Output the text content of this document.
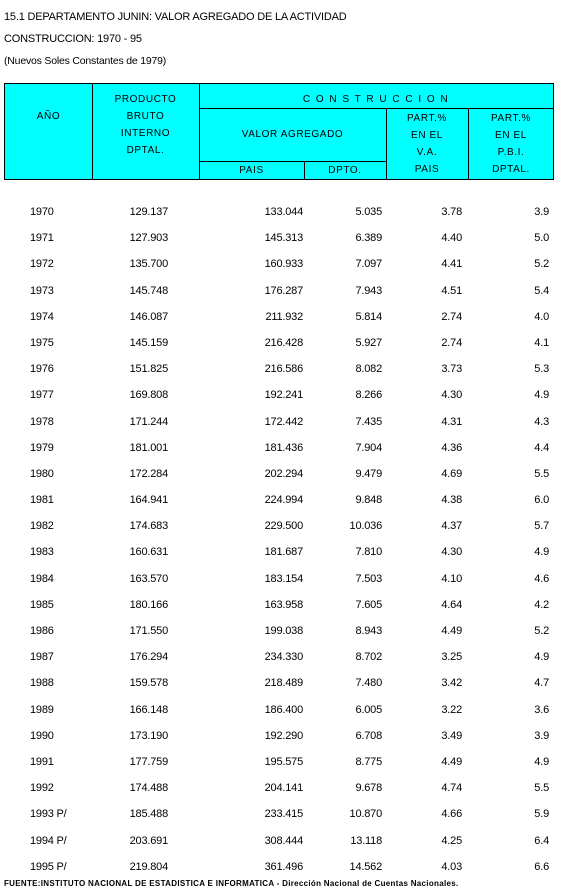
15.1 DEPARTAMENTO JUNIN: VALOR AGREGADO DE LA ACTIVIDAD
CONSTRUCCION: 1970 - 95
(Nuevos Soles Constantes de 1979)
AÑO
PRODUCTO
BRUTO
INTERNO
DPTAL.
C O N S T R U C C I O N
VALOR AGREGADO
PAIS	DPTO.
PART.%
EN EL
V.A.
PAIS
PART.%
EN EL
P.B.I.
DPTAL.
1970	129.137	133.044	5.035	3.78	3.9
1971	127.903	145.313	6.389	4.40	5.0
1972	135.700	160.933	7.097	4.41	5.2
1973	145.748	176.287	7.943	4.51	5.4
1974	146.087	211.932	5.814	2.74	4.0
1975	145.159	216.428	5.927	2.74	4.1
1976	151.825	216.586	8.082	3.73	5.3
1977	169.808	192.241	8.266	4.30	4.9
1978	171.244	172.442	7.435	4.31	4.3
1979	181.001	181.436	7.904	4.36	4.4
1980	172.284	202.294	9.479	4.69	5.5
1981	164.941	224.994	9.848	4.38	6.0
1982	174.683	229.500	10.036	4.37	5.7
1983	160.631	181.687	7.810	4.30	4.9
1984	163.570	183.154	7.503	4.10	4.6
1985	180.166	163.958	7.605	4.64	4.2
1986	171.550	199.038	8.943	4.49	5.2
1987	176.294	234.330	8.702	3.25	4.9
1988	159.578	218.489	7.480	3.42	4.7
1989	166.148	186.400	6.005	3.22	3.6
1990	173.190	192.290	6.708	3.49	3.9
1991	177.759	195.575	8.775	4.49	4.9
1992	174.488	204.141	9.678	4.74	5.5
1993 P/	185.488	233.415	10.870	4.66	5.9
1994 P/	203.691	308.444	13.118	4.25	6.4
1995 P/	219.804	361.496	14.562	4.03	6.6
FUENTE:INSTITUTO NACIONAL DE ESTADISTICA E INFORMATICA - Dirección Nacional de Cuentas Nacionales.
